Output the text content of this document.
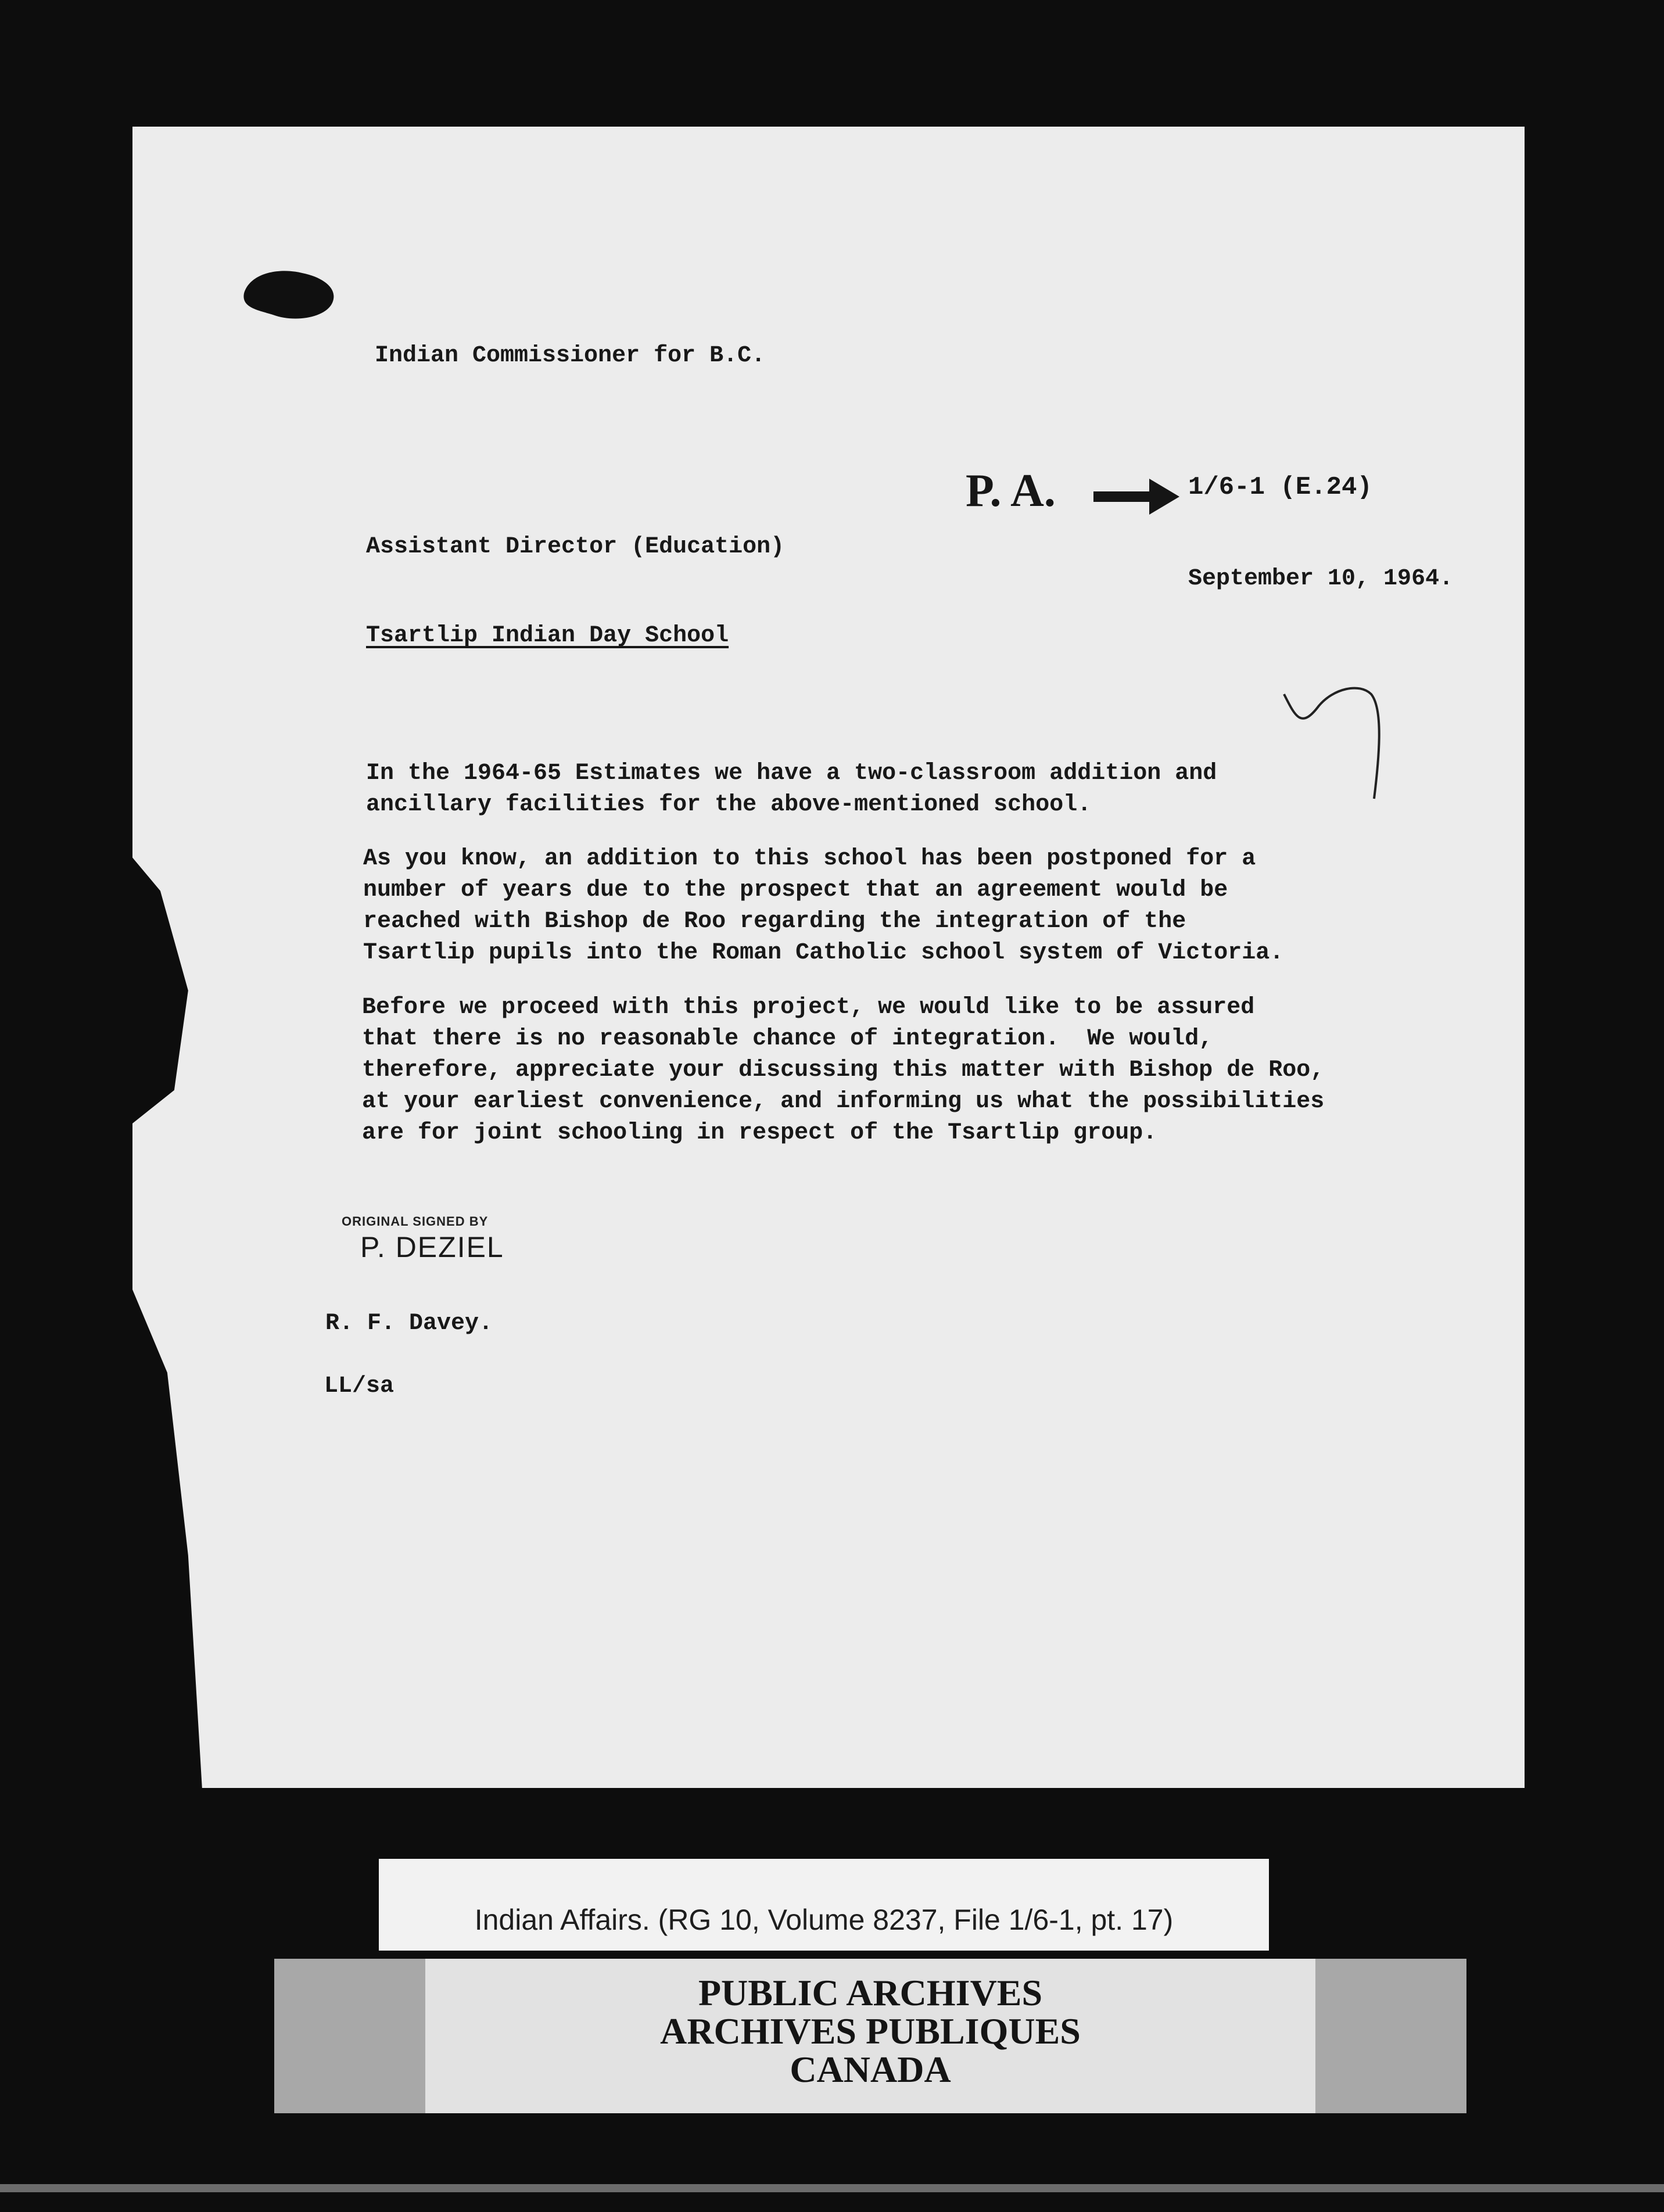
Indian Commissioner for B.C.

P. A.	1/6-1 (E.24)

Assistant Director (Education)

September 10, 1964.

Tsartlip Indian Day School

In the 1964-65 Estimates we have a two-classroom addition and
ancillary facilities for the above-mentioned school.

As you know, an addition to this school has been postponed for a
number of years due to the prospect that an agreement would be
reached with Bishop de Roo regarding the integration of the
Tsartlip pupils into the Roman Catholic school system of Victoria.

Before we proceed with this project, we would like to be assured
that there is no reasonable chance of integration.  We would,
therefore, appreciate your discussing this matter with Bishop de Roo,
at your earliest convenience, and informing us what the possibilities
are for joint schooling in respect of the Tsartlip group.

ORIGINAL SIGNED BY

P. DEZIEL

R. F. Davey.

LL/sa

Indian Affairs. (RG 10, Volume 8237, File 1/6-1, pt. 17)

PUBLIC ARCHIVES

ARCHIVES PUBLIQUES

CANADA
